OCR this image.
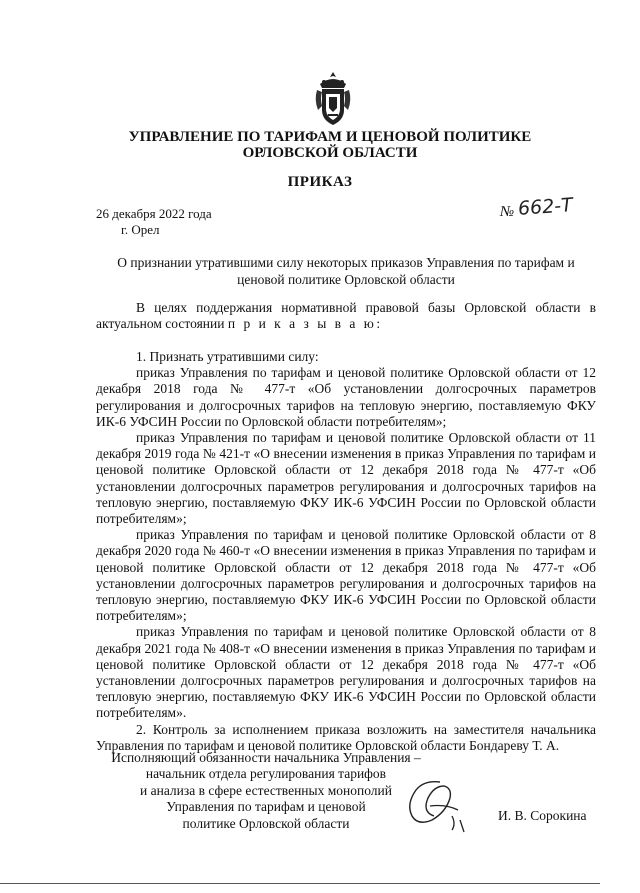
УПРАВЛЕНИЕ ПО ТАРИФАМ И ЦЕНОВОЙ ПОЛИТИКЕ
ОРЛОВСКОЙ ОБЛАСТИ
ПРИКАЗ
26 декабря 2022 года
г. Орел
№ 662-Т
О признании утратившими силу некоторых приказов Управления по тарифам и ценовой политике Орловской области

В целях поддержания нормативной правовой базы Орловской области в актуальном состоянии п р и к а з ы в а ю:

1. Признать утратившими силу:

приказ Управления по тарифам и ценовой политике Орловской области от 12 декабря 2018 года № 477-т «Об установлении долгосрочных параметров регулирования и долгосрочных тарифов на тепловую энергию, поставляемую ФКУ ИК-6 УФСИН России по Орловской области потребителям»;

приказ Управления по тарифам и ценовой политике Орловской области от 11 декабря 2019 года № 421-т «О внесении изменения в приказ Управления по тарифам и ценовой политике Орловской области от 12 декабря 2018 года № 477-т «Об установлении долгосрочных параметров регулирования и долгосрочных тарифов на тепловую энергию, поставляемую ФКУ ИК-6 УФСИН России по Орловской области потребителям»;

приказ Управления по тарифам и ценовой политике Орловской области от 8 декабря 2020 года № 460-т «О внесении изменения в приказ Управления по тарифам и ценовой политике Орловской области от 12 декабря 2018 года № 477-т «Об установлении долгосрочных параметров регулирования и долгосрочных тарифов на тепловую энергию, поставляемую ФКУ ИК-6 УФСИН России по Орловской области потребителям»;

приказ Управления по тарифам и ценовой политике Орловской области от 8 декабря 2021 года № 408-т «О внесении изменения в приказ Управления по тарифам и ценовой политике Орловской области от 12 декабря 2018 года № 477-т «Об установлении долгосрочных параметров регулирования и долгосрочных тарифов на тепловую энергию, поставляемую ФКУ ИК-6 УФСИН России по Орловской области потребителям».

2. Контроль за исполнением приказа возложить на заместителя начальника Управления по тарифам и ценовой политике Орловской области Бондареву Т. А.

Исполняющий обязанности начальника Управления –
начальник отдела регулирования тарифов
и анализа в сфере естественных монополий
Управления по тарифам и ценовой
политике Орловской области
И. В. Сорокина
